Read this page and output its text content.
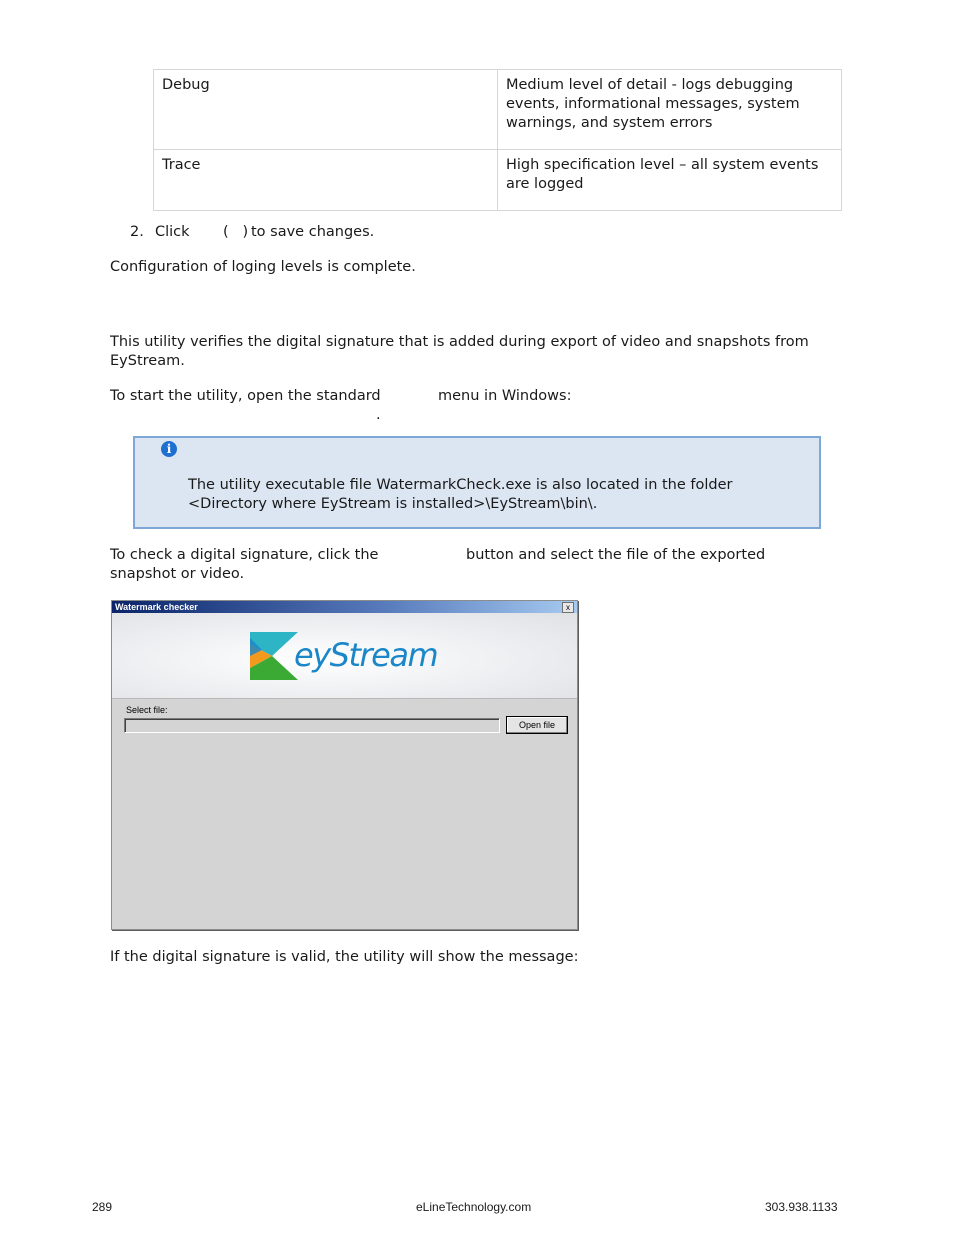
Debug	Medium level of detail - logs debugging events, informational messages, system warnings, and system errors
Trace	High specification level – all system events are logged
2. Click (   ) to save changes.
Configuration of loging levels is complete.
This utility verifies the digital signature that is added during export of video and snapshots from EyStream.
To start the utility, open the standard	menu in Windows:
.
i
The utility executable file WatermarkCheck.exe is also located in the folder
<Directory where EyStream is installed>\EyStream\bin\.
To check a digital signature, click the	button and select the file of the exported
snapshot or video.
Watermark checker	x
eyStream
Select file:
Open file
If the digital signature is valid, the utility will show the message:
289	eLineTechnology.com	303.938.1133
